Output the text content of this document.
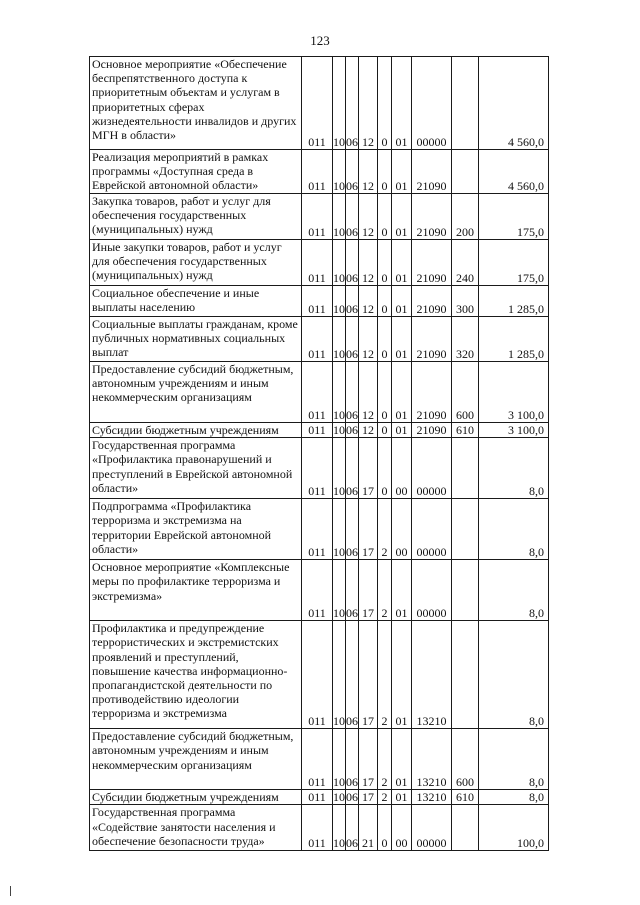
123
Основное мероприятие «Обеспечение беспрепятственного доступа к приоритетным объектам и услугам в приоритетных сферах жизнедеятельности инвалидов и других МГН в области»	011	10	06	12	0	01	00000		4 560,0

Реализация мероприятий в рамках программы «Доступная среда в Еврейской автономной области»	011	10	06	12	0	01	21090		4 560,0

Закупка товаров, работ и услуг для обеспечения государственных (муниципальных) нужд	011	10	06	12	0	01	21090	200	175,0

Иные закупки товаров, работ и услуг для обеспечения государственных (муниципальных) нужд	011	10	06	12	0	01	21090	240	175,0

Социальное обеспечение и иные выплаты населению	011	10	06	12	0	01	21090	300	1 285,0

Социальные выплаты гражданам, кроме публичных нормативных социальных выплат	011	10	06	12	0	01	21090	320	1 285,0

Предоставление субсидий бюджетным, автономным учреждениям и иным некоммерческим организациям	011	10	06	12	0	01	21090	600	3 100,0

Субсидии бюджетным учреждениям	011	10	06	12	0	01	21090	610	3 100,0

Государственная программа «Профилактика правонарушений и преступлений в Еврейской автономной области»	011	10	06	17	0	00	00000		8,0

Подпрограмма «Профилактика терроризма и экстремизма на территории Еврейской автономной области»	011	10	06	17	2	00	00000		8,0

Основное мероприятие «Комплексные меры по профилактике терроризма и экстремизма»	011	10	06	17	2	01	00000		8,0

Профилактика и предупреждение террористических и экстремистских проявлений и преступлений, повышение качества информационно-пропагандистской деятельности по противодействию идеологии терроризма и экстремизма	011	10	06	17	2	01	13210		8,0

Предоставление субсидий бюджетным, автономным учреждениям и иным некоммерческим организациям	011	10	06	17	2	01	13210	600	8,0

Субсидии бюджетным учреждениям	011	10	06	17	2	01	13210	610	8,0

Государственная программа «Содействие занятости населения и обеспечение безопасности труда»	011	10	06	21	0	00	00000		100,0
